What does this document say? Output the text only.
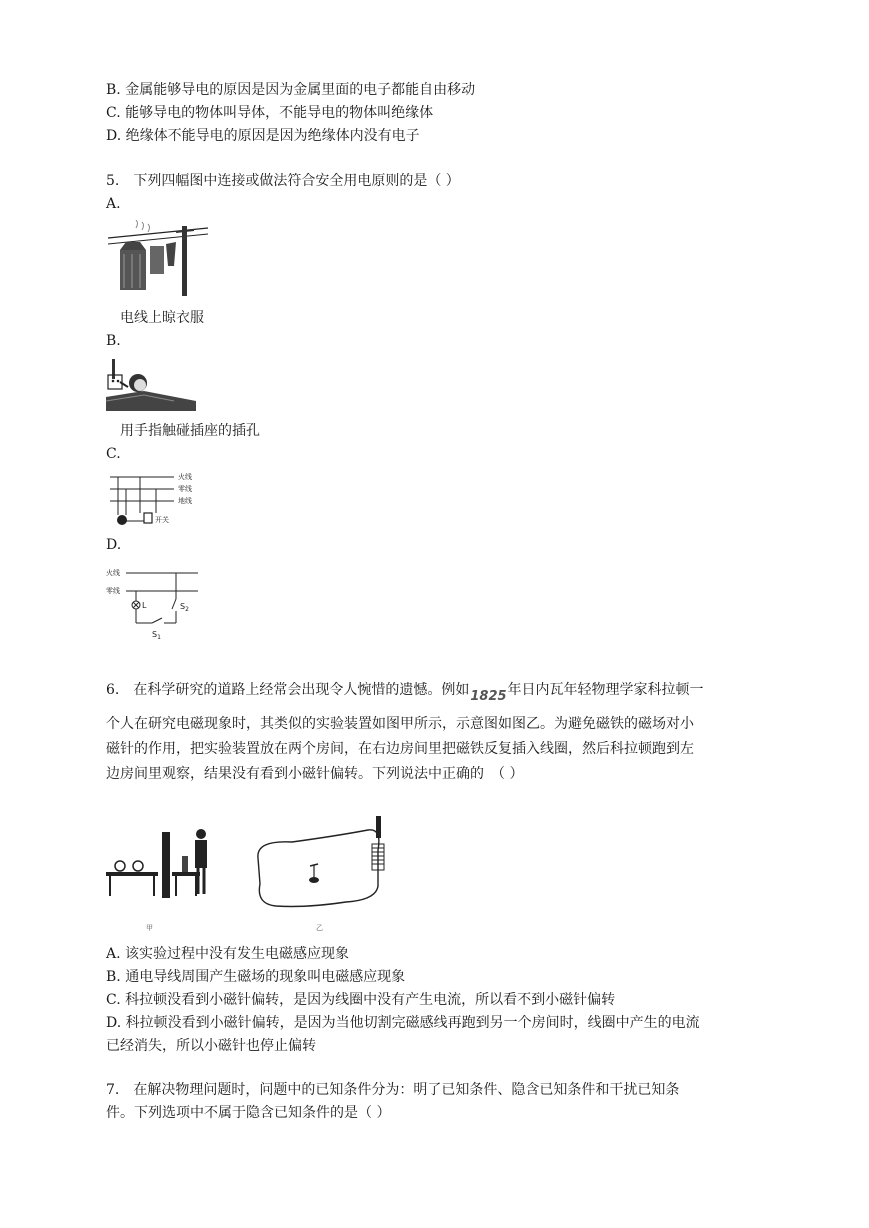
B. 金属能够导电的原因是因为金属里面的电子都能自由移动
C. 能够导电的物体叫导体，不能导电的物体叫绝缘体
D. 绝缘体不能导电的原因是因为绝缘体内没有电子
5.　下列四幅图中连接或做法符合安全用电原则的是（ ）
A.
电线上晾衣服
B.
用手指触碰插座的插孔
C.
火线
零线
地线
开关
D.
火线
零线
L	$S_2$
$S_1$
6.　在科学研究的道路上经常会出现令人惋惜的遗憾。例如1825年日内瓦年轻物理学家科拉顿一
个人在研究电磁现象时，其类似的实验装置如图甲所示，示意图如图乙。为避免磁铁的磁场对小
磁针的作用，把实验装置放在两个房间，在右边房间里把磁铁反复插入线圈，然后科拉顿跑到左
边房间里观察，结果没有看到小磁针偏转。下列说法中正确的　（ ）
甲	乙
A. 该实验过程中没有发生电磁感应现象
B. 通电导线周围产生磁场的现象叫电磁感应现象
C. 科拉顿没看到小磁针偏转，是因为线圈中没有产生电流，所以看不到小磁针偏转
D. 科拉顿没看到小磁针偏转，是因为当他切割完磁感线再跑到另一个房间时，线圈中产生的电流
已经消失，所以小磁针也停止偏转
7.　在解决物理问题时，问题中的已知条件分为：明了已知条件、隐含已知条件和干扰已知条
件。下列选项中不属于隐含已知条件的是（ ）
